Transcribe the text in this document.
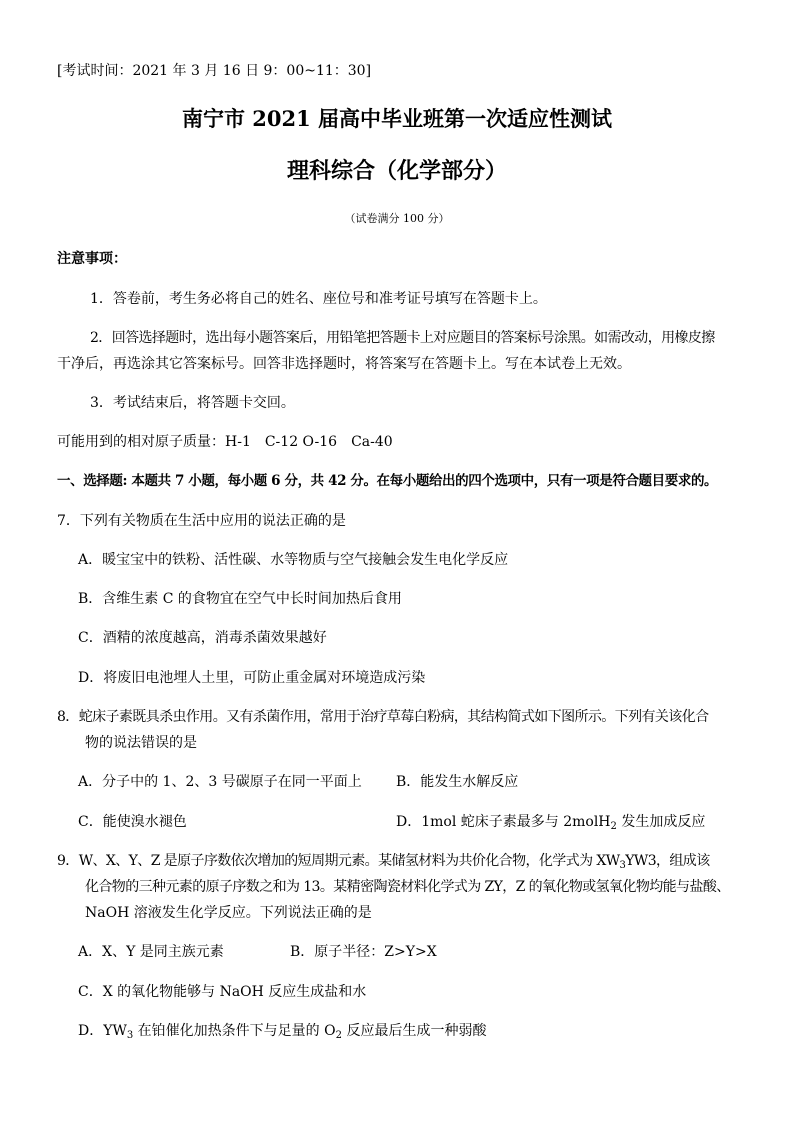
[考试时间：2021 年 3 月 16 日 9：00~11：30]
南宁市 2021 届高中毕业班第一次适应性测试
理科综合（化学部分）
（试卷满分 100 分）
注意事项：
1．答卷前，考生务必将自己的姓名、座位号和准考证号填写在答题卡上。
2．回答选择题时，选出每小题答案后，用铅笔把答题卡上对应题目的答案标号涂黑。如需改动，用橡皮擦
干净后，再选涂其它答案标号。回答非选择题时，将答案写在答题卡上。写在本试卷上无效。
3．考试结束后，将答题卡交回。
可能用到的相对原子质量：H-1　C-12 O-16　Ca-40
一、选择题: 本题共 7 小题，每小题 6 分，共 42 分。在每小题给出的四个选项中，只有一项是符合题目要求的。
7．下列有关物质在生活中应用的说法正确的是
A．暖宝宝中的铁粉、活性碳、水等物质与空气接触会发生电化学反应
B．含维生素 C 的食物宜在空气中长时间加热后食用
C．酒精的浓度越高，消毒杀菌效果越好
D．将废旧电池埋人土里，可防止重金属对环境造成污染
8．蛇床子素既具杀虫作用。又有杀菌作用，常用于治疗草莓白粉病，其结构简式如下图所示。下列有关该化合
物的说法错误的是
A．分子中的 1、2、3 号碳原子在同一平面上 B．能发生水解反应
C．能使溴水褪色	D．1mol 蛇床子素最多与 2molH$_2$ 发生加成反应
9．W、X、Y、Z 是原子序数依次增加的短周期元素。某储氢材料为共价化合物，化学式为 $XW_3YW3$，组成该
化合物的三种元素的原子序数之和为 13。某精密陶瓷材料化学式为 ZY，Z 的氧化物或氢氧化物均能与盐酸、
NaOH 溶液发生化学反应。下列说法正确的是
A．X、Y 是同主族元素	B．原子半径：Z>Y>X
C．X 的氧化物能够与 NaOH 反应生成盐和水
D．$YW_3$ 在铂催化加热条件下与足量的 $O_2$ 反应最后生成一种弱酸
